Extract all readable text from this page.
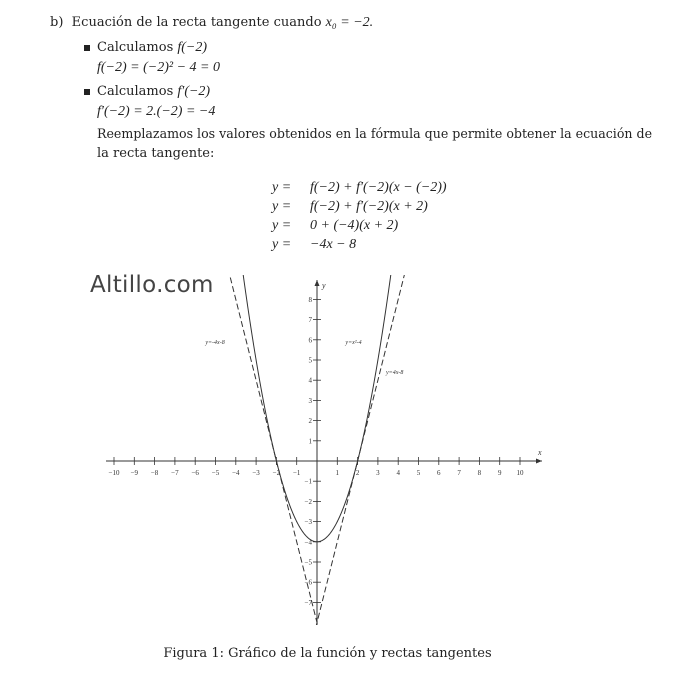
b) Ecuación de la recta tangente cuando x₀ = −2.
Calculamos f(−2)
f(−2) = (−2)² − 4 = 0
Calculamos f′(−2)
f′(−2) = 2.(−2) = −4
Reemplazamos los valores obtenidos en la fórmula que permite obtener la ecuación de
la recta tangente:
y =	f(−2) + f′(−2)(x − (−2))
y =	f(−2) + f′(−2)(x + 2)
y =	0 + (−4)(x + 2)
y =	−4x − 8
x
y
−10 −9 −8 −7 −6 −5 −4 −3 −2 −1	1 2 3 4 5 6 7 8 9 10
−7
−6
−5
−4
−3
−2
−1
1
2
3
4
5
6
7
8
y=-4x-8	y=x²-4
y=4x-8
Altillo.com
Figura 1: Gráfico de la función y rectas tangentes
